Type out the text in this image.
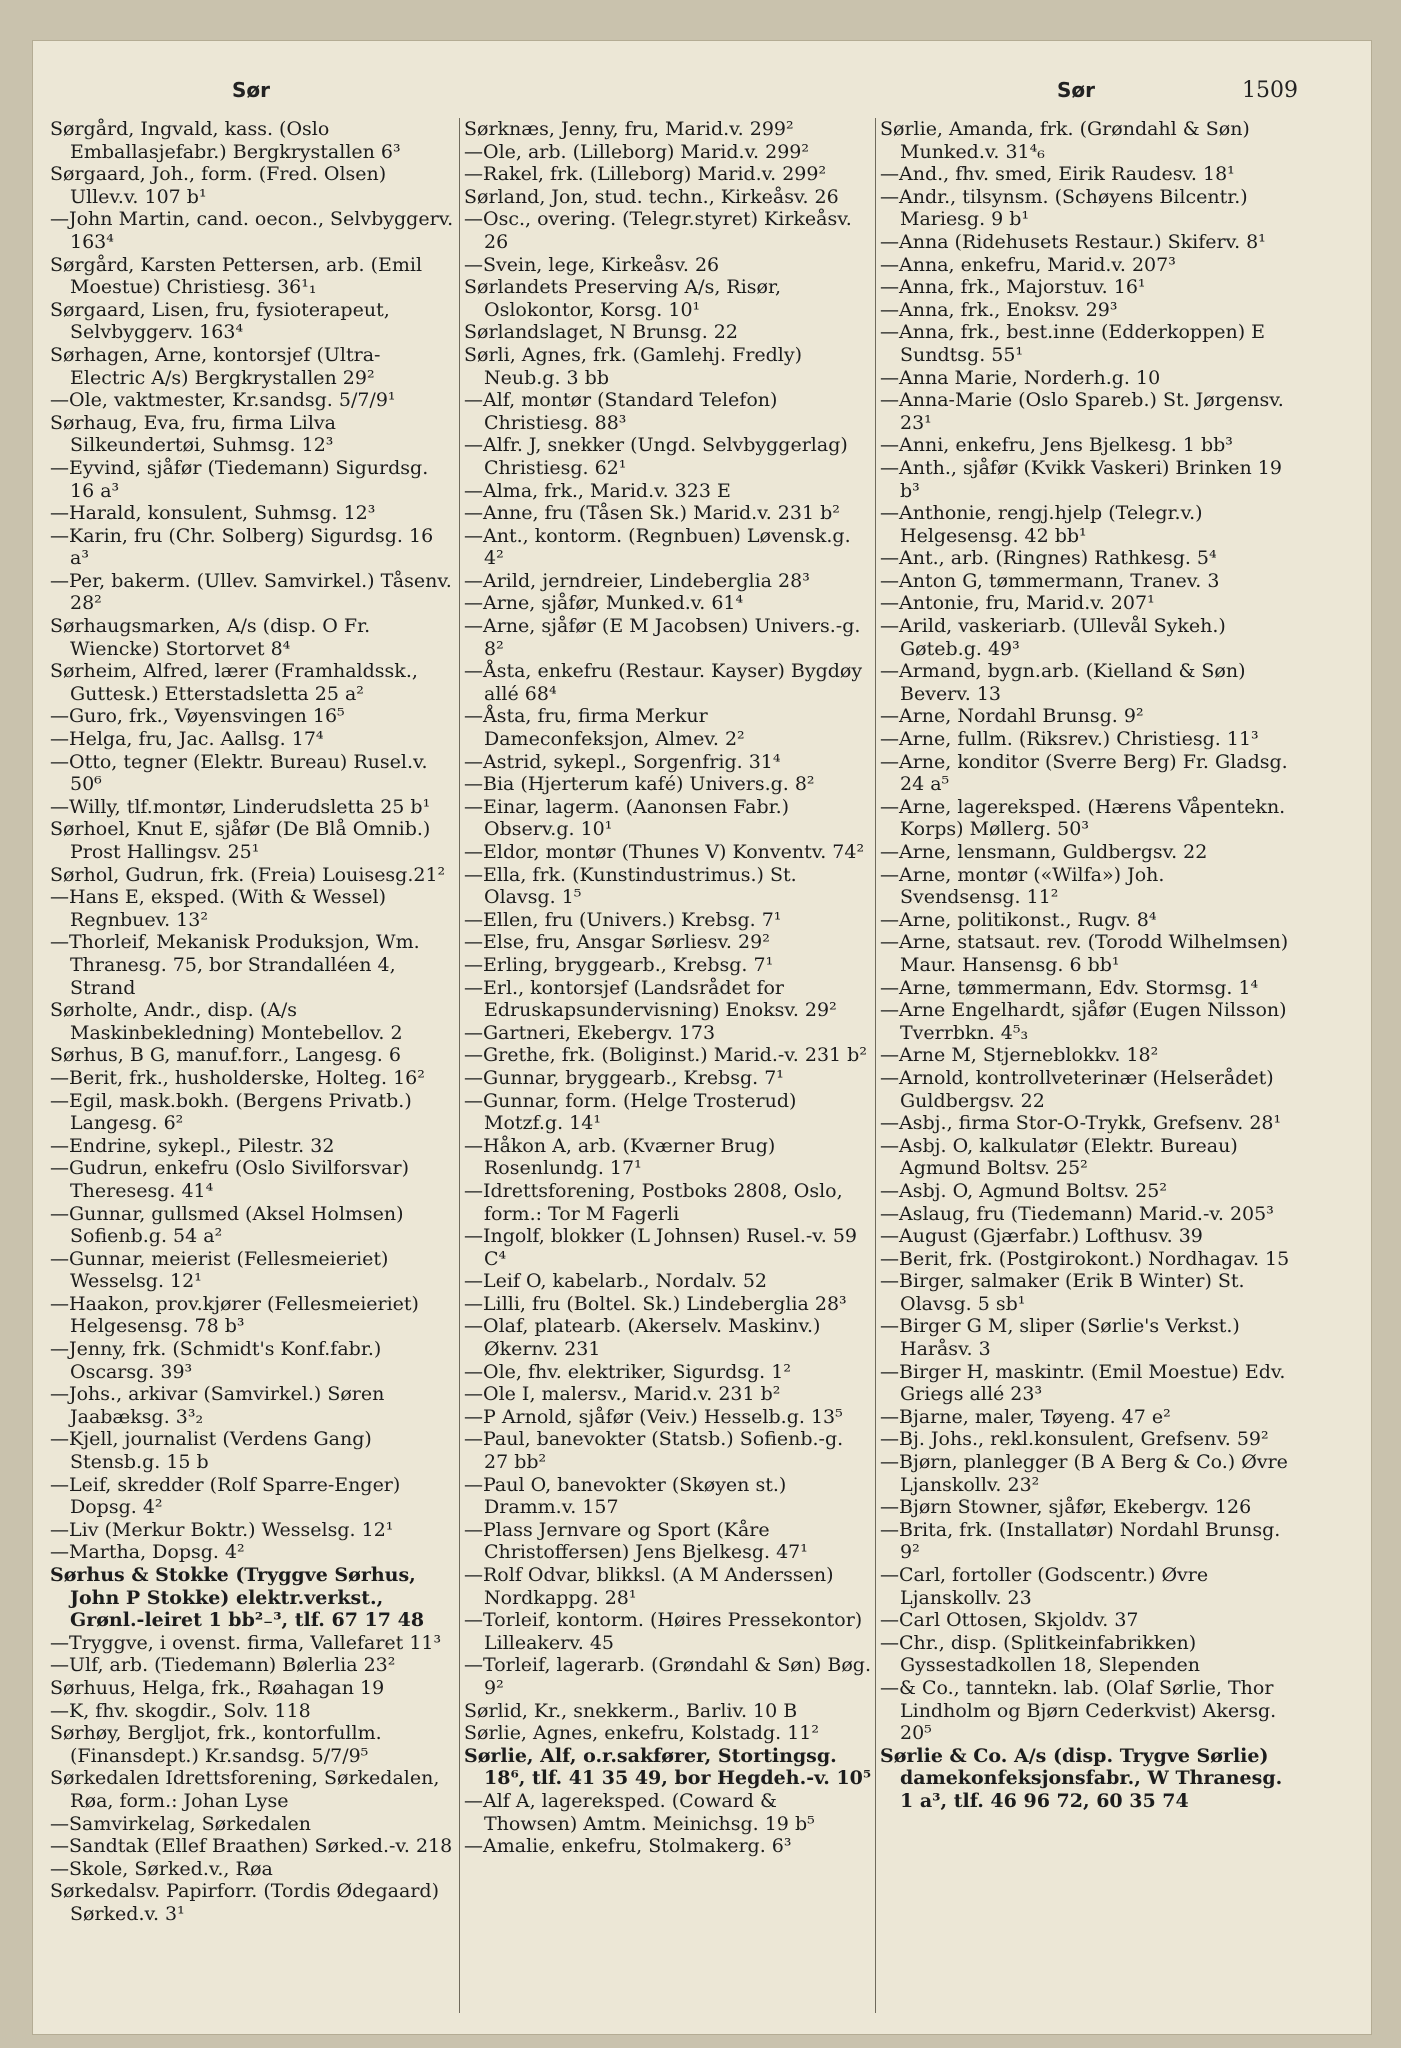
Sør	Sør	1509

Sørgård, Ingvald, kass. (Oslo Emballasjefabr.) Bergkrystallen 6³

Sørgaard, Joh., form. (Fred. Olsen) Ullev.v. 107 b¹

—John Martin, cand. oecon., Selvbyggerv. 163⁴

Sørgård, Karsten Pettersen, arb. (Emil Moestue) Christiesg. 36¹₁

Sørgaard, Lisen, fru, fysioterapeut, Selvbyggerv. 163⁴

Sørhagen, Arne, kontorsjef (Ultra-Electric A/s) Bergkrystallen 29²

—Ole, vaktmester, Kr.sandsg. 5/7/9¹

Sørhaug, Eva, fru, firma Lilva Silkeundertøi, Suhmsg. 12³

—Eyvind, sjåfør (Tiedemann) Sigurdsg. 16 a³

—Harald, konsulent, Suhmsg. 12³

—Karin, fru (Chr. Solberg) Sigurdsg. 16 a³

—Per, bakerm. (Ullev. Samvirkel.) Tåsenv. 28²

Sørhaugsmarken, A/s (disp. O Fr. Wiencke) Stortorvet 8⁴

Sørheim, Alfred, lærer (Framhaldssk., Guttesk.) Etterstadsletta 25 a²

—Guro, frk., Vøyensvingen 16⁵

—Helga, fru, Jac. Aallsg. 17⁴

—Otto, tegner (Elektr. Bureau) Rusel.v. 50⁶

—Willy, tlf.montør, Linderudsletta 25 b¹

Sørhoel, Knut E, sjåfør (De Blå Omnib.) Prost Hallingsv. 25¹

Sørhol, Gudrun, frk. (Freia) Louisesg.21²

—Hans E, eksped. (With & Wessel) Regnbuev. 13²

—Thorleif, Mekanisk Produksjon, Wm. Thranesg. 75, bor Strandalléen 4, Strand

Sørholte, Andr., disp. (A/s Maskinbekledning) Montebellov. 2

Sørhus, B G, manuf.forr., Langesg. 6

—Berit, frk., husholderske, Holteg. 16²

—Egil, mask.bokh. (Bergens Privatb.) Langesg. 6²

—Endrine, sykepl., Pilestr. 32

—Gudrun, enkefru (Oslo Sivilforsvar) Theresesg. 41⁴

—Gunnar, gullsmed (Aksel Holmsen) Sofienb.g. 54 a²

—Gunnar, meierist (Fellesmeieriet) Wesselsg. 12¹

—Haakon, prov.kjører (Fellesmeieriet) Helgesensg. 78 b³

—Jenny, frk. (Schmidt's Konf.fabr.) Oscarsg. 39³

—Johs., arkivar (Samvirkel.) Søren Jaabæksg. 3³₂

—Kjell, journalist (Verdens Gang) Stensb.g. 15 b

—Leif, skredder (Rolf Sparre-Enger) Dopsg. 4²

—Liv (Merkur Boktr.) Wesselsg. 12¹

—Martha, Dopsg. 4²

Sørhus & Stokke (Tryggve Sørhus, John P Stokke) elektr.verkst., Grønl.-leiret 1 bb²₋³, tlf. 67 17 48

—Tryggve, i ovenst. firma, Vallefaret 11³

—Ulf, arb. (Tiedemann) Bølerlia 23²

Sørhuus, Helga, frk., Røahagan 19

—K, fhv. skogdir., Solv. 118

Sørhøy, Bergljot, frk., kontorfullm. (Finansdept.) Kr.sandsg. 5/7/9⁵

Sørkedalen Idrettsforening, Sørkedalen, Røa, form.: Johan Lyse

—Samvirkelag, Sørkedalen

—Sandtak (Ellef Braathen) Sørked.-v. 218

—Skole, Sørked.v., Røa

Sørkedalsv. Papirforr. (Tordis Ødegaard) Sørked.v. 3¹

Sørknæs, Jenny, fru, Marid.v. 299²

—Ole, arb. (Lilleborg) Marid.v. 299²

—Rakel, frk. (Lilleborg) Marid.v. 299²

Sørland, Jon, stud. techn., Kirkeåsv. 26

—Osc., overing. (Telegr.styret) Kirkeåsv. 26

—Svein, lege, Kirkeåsv. 26

Sørlandets Preserving A/s, Risør, Oslokontor, Korsg. 10¹

Sørlandslaget, N Brunsg. 22

Sørli, Agnes, frk. (Gamlehj. Fredly) Neub.g. 3 bb

—Alf, montør (Standard Telefon) Christiesg. 88³

—Alfr. J, snekker (Ungd. Selvbyggerlag) Christiesg. 62¹

—Alma, frk., Marid.v. 323 E

—Anne, fru (Tåsen Sk.) Marid.v. 231 b²

—Ant., kontorm. (Regnbuen) Løvensk.g. 4²

—Arild, jerndreier, Lindeberglia 28³

—Arne, sjåfør, Munked.v. 61⁴

—Arne, sjåfør (E M Jacobsen) Univers.-g. 8²

—Åsta, enkefru (Restaur. Kayser) Bygdøy allé 68⁴

—Åsta, fru, firma Merkur Dameconfeksjon, Almev. 2²

—Astrid, sykepl., Sorgenfrig. 31⁴

—Bia (Hjerterum kafé) Univers.g. 8²

—Einar, lagerm. (Aanonsen Fabr.) Observ.g. 10¹

—Eldor, montør (Thunes V) Konventv. 74²

—Ella, frk. (Kunstindustrimus.) St. Olavsg. 1⁵

—Ellen, fru (Univers.) Krebsg. 7¹

—Else, fru, Ansgar Sørliesv. 29²

—Erling, bryggearb., Krebsg. 7¹

—Erl., kontorsjef (Landsrådet for Edruskapsundervisning) Enoksv. 29²

—Gartneri, Ekebergv. 173

—Grethe, frk. (Boliginst.) Marid.-v. 231 b²

—Gunnar, bryggearb., Krebsg. 7¹

—Gunnar, form. (Helge Trosterud) Motzf.g. 14¹

—Håkon A, arb. (Kværner Brug) Rosenlundg. 17¹

—Idrettsforening, Postboks 2808, Oslo, form.: Tor M Fagerli

—Ingolf, blokker (L Johnsen) Rusel.-v. 59 C⁴

—Leif O, kabelarb., Nordalv. 52

—Lilli, fru (Boltel. Sk.) Lindeberglia 28³

—Olaf, platearb. (Akerselv. Maskinv.) Økernv. 231

—Ole, fhv. elektriker, Sigurdsg. 1²

—Ole I, malersv., Marid.v. 231 b²

—P Arnold, sjåfør (Veiv.) Hesselb.g. 13⁵

—Paul, banevokter (Statsb.) Sofienb.-g. 27 bb²

—Paul O, banevokter (Skøyen st.) Dramm.v. 157

—Plass Jernvare og Sport (Kåre Christoffersen) Jens Bjelkesg. 47¹

—Rolf Odvar, blikksl. (A M Anderssen) Nordkappg. 28¹

—Torleif, kontorm. (Høires Pressekontor) Lilleakerv. 45

—Torleif, lagerarb. (Grøndahl & Søn) Bøg. 9²

Sørlid, Kr., snekkerm., Barliv. 10 B

Sørlie, Agnes, enkefru, Kolstadg. 11²

Sørlie, Alf, o.r.sakfører, Stortingsg. 18⁶, tlf. 41 35 49, bor Hegdeh.-v. 10⁵

—Alf A, lagereksped. (Coward & Thowsen) Amtm. Meinichsg. 19 b⁵

—Amalie, enkefru, Stolmakerg. 6³

Sørlie, Amanda, frk. (Grøndahl & Søn) Munked.v. 31⁴₆

—And., fhv. smed, Eirik Raudesv. 18¹

—Andr., tilsynsm. (Schøyens Bilcentr.) Mariesg. 9 b¹

—Anna (Ridehusets Restaur.) Skiferv. 8¹

—Anna, enkefru, Marid.v. 207³

—Anna, frk., Majorstuv. 16¹

—Anna, frk., Enoksv. 29³

—Anna, frk., best.inne (Edderkoppen) E Sundtsg. 55¹

—Anna Marie, Norderh.g. 10

—Anna-Marie (Oslo Spareb.) St. Jørgensv. 23¹

—Anni, enkefru, Jens Bjelkesg. 1 bb³

—Anth., sjåfør (Kvikk Vaskeri) Brinken 19 b³

—Anthonie, rengj.hjelp (Telegr.v.) Helgesensg. 42 bb¹

—Ant., arb. (Ringnes) Rathkesg. 5⁴

—Anton G, tømmermann, Tranev. 3

—Antonie, fru, Marid.v. 207¹

—Arild, vaskeriarb. (Ullevål Sykeh.) Gøteb.g. 49³

—Armand, bygn.arb. (Kielland & Søn) Beverv. 13

—Arne, Nordahl Brunsg. 9²

—Arne, fullm. (Riksrev.) Christiesg. 11³

—Arne, konditor (Sverre Berg) Fr. Gladsg. 24 a⁵

—Arne, lagereksped. (Hærens Våpentekn. Korps) Møllerg. 50³

—Arne, lensmann, Guldbergsv. 22

—Arne, montør («Wilfa») Joh. Svendsensg. 11²

—Arne, politikonst., Rugv. 8⁴

—Arne, statsaut. rev. (Torodd Wilhelmsen) Maur. Hansensg. 6 bb¹

—Arne, tømmermann, Edv. Stormsg. 1⁴

—Arne Engelhardt, sjåfør (Eugen Nilsson) Tverrbkn. 4⁵₃

—Arne M, Stjerneblokkv. 18²

—Arnold, kontrollveterinær (Helserådet) Guldbergsv. 22

—Asbj., firma Stor-O-Trykk, Grefsenv. 28¹

—Asbj. O, kalkulatør (Elektr. Bureau) Agmund Boltsv. 25²

—Asbj. O, Agmund Boltsv. 25²

—Aslaug, fru (Tiedemann) Marid.-v. 205³

—August (Gjærfabr.) Lofthusv. 39

—Berit, frk. (Postgirokont.) Nordhagav. 15

—Birger, salmaker (Erik B Winter) St. Olavsg. 5 sb¹

—Birger G M, sliper (Sørlie's Verkst.) Haråsv. 3

—Birger H, maskintr. (Emil Moestue) Edv. Griegs allé 23³

—Bjarne, maler, Tøyeng. 47 e²

—Bj. Johs., rekl.konsulent, Grefsenv. 59²

—Bjørn, planlegger (B A Berg & Co.) Øvre Ljanskollv. 23²

—Bjørn Stowner, sjåfør, Ekebergv. 126

—Brita, frk. (Installatør) Nordahl Brunsg. 9²

—Carl, fortoller (Godscentr.) Øvre Ljanskollv. 23

—Carl Ottosen, Skjoldv. 37

—Chr., disp. (Splitkeinfabrikken) Gyssestadkollen 18, Slependen

—& Co., tanntekn. lab. (Olaf Sørlie, Thor Lindholm og Bjørn Cederkvist) Akersg. 20⁵

Sørlie & Co. A/s (disp. Trygve Sørlie) damekonfeksjonsfabr., W Thranesg. 1 a³, tlf. 46 96 72, 60 35 74
